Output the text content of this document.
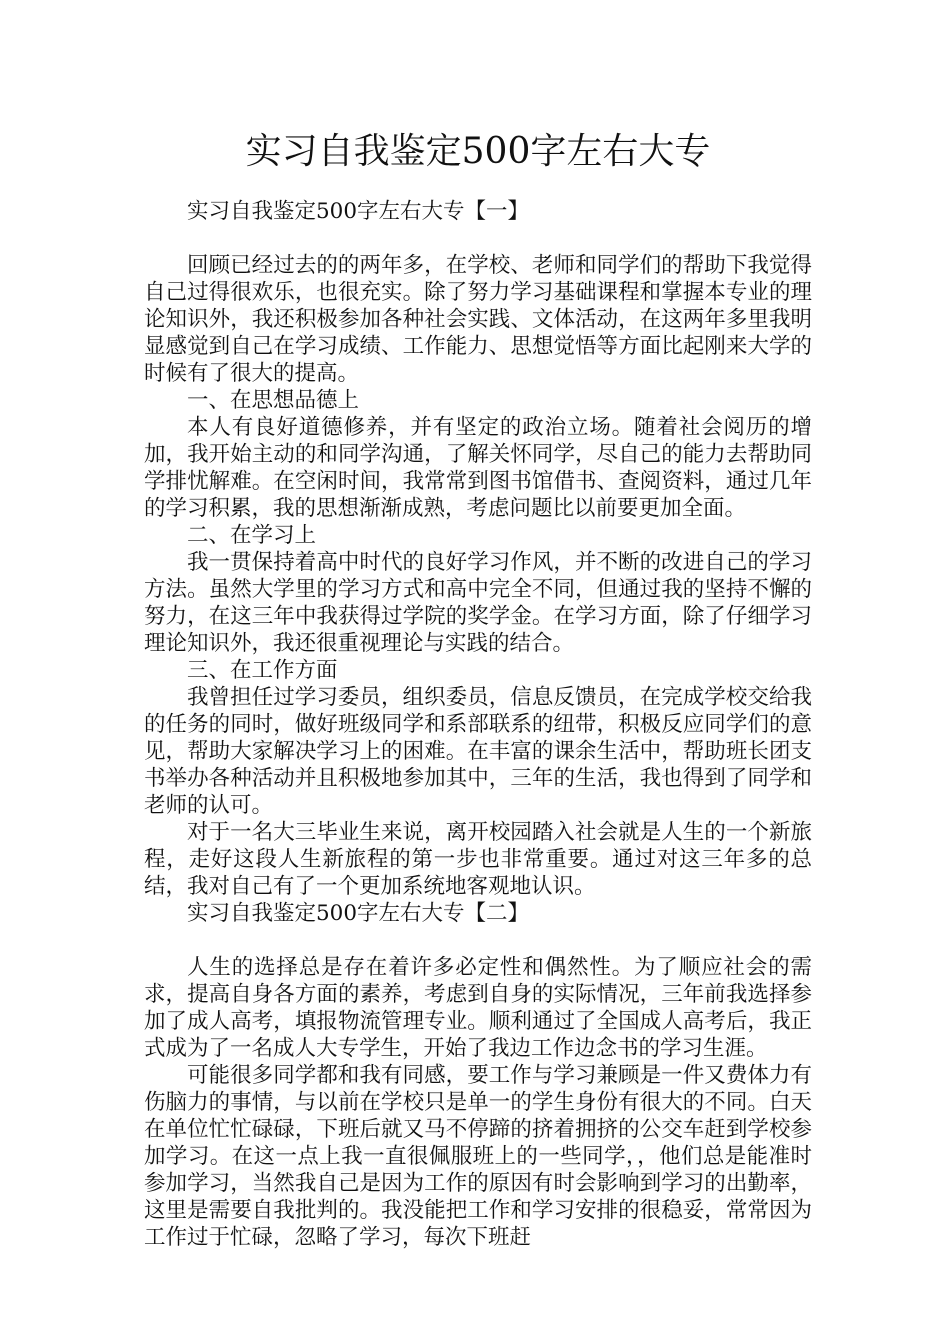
实习自我鉴定500字左右大专

实习自我鉴定500字左右大专【一】

回顾已经过去的的两年多，在学校、老师和同学们的帮助下我觉得自己过得很欢乐，也很充实。除了努力学习基础课程和掌握本专业的理论知识外，我还积极参加各种社会实践、文体活动，在这两年多里我明显感觉到自己在学习成绩、工作能力、思想觉悟等方面比起刚来大学的时候有了很大的提高。

一、在思想品德上

本人有良好道德修养，并有坚定的政治立场。随着社会阅历的增加，我开始主动的和同学沟通，了解关怀同学，尽自己的能力去帮助同学排忧解难。在空闲时间，我常常到图书馆借书、查阅资料，通过几年的学习积累，我的思想渐渐成熟，考虑问题比以前要更加全面。

二、在学习上

我一贯保持着高中时代的良好学习作风，并不断的改进自己的学习方法。虽然大学里的学习方式和高中完全不同，但通过我的坚持不懈的努力，在这三年中我获得过学院的奖学金。在学习方面，除了仔细学习理论知识外，我还很重视理论与实践的结合。

三、在工作方面

我曾担任过学习委员，组织委员，信息反馈员，在完成学校交给我的任务的同时，做好班级同学和系部联系的纽带，积极反应同学们的意见，帮助大家解决学习上的困难。在丰富的课余生活中，帮助班长团支书举办各种活动并且积极地参加其中，三年的生活，我也得到了同学和老师的认可。

对于一名大三毕业生来说，离开校园踏入社会就是人生的一个新旅程，走好这段人生新旅程的第一步也非常重要。通过对这三年多的总结，我对自己有了一个更加系统地客观地认识。

实习自我鉴定500字左右大专【二】

人生的选择总是存在着许多必定性和偶然性。为了顺应社会的需求，提高自身各方面的素养，考虑到自身的实际情况，三年前我选择参加了成人高考，填报物流管理专业。顺利通过了全国成人高考后，我正式成为了一名成人大专学生，开始了我边工作边念书的学习生涯。

可能很多同学都和我有同感，要工作与学习兼顾是一件又费体力有伤脑力的事情，与以前在学校只是单一的学生身份有很大的不同。白天在单位忙忙碌碌，下班后就又马不停蹄的挤着拥挤的公交车赶到学校参加学习。在这一点上我一直很佩服班上的一些同学，，他们总是能准时参加学习，当然我自己是因为工作的原因有时会影响到学习的出勤率，这里是需要自我批判的。我没能把工作和学习安排的很稳妥，常常因为工作过于忙碌，忽略了学习，每次下班赶
